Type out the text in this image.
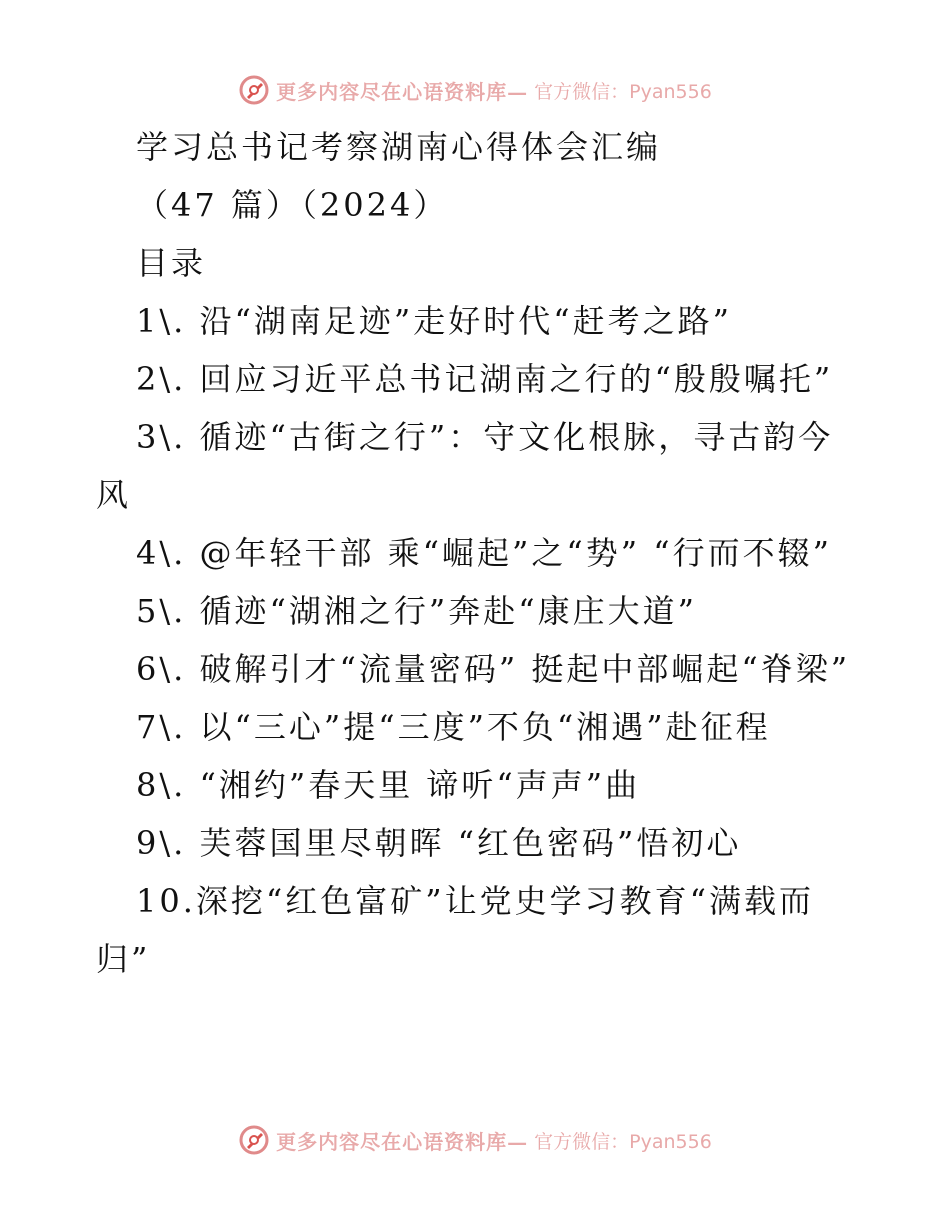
更多内容尽在心语资料库— 官方微信：Pyan556
学习总书记考察湖南心得体会汇编
（47 篇）（2024）
目录
1\. 沿“湖南足迹”走好时代“赶考之路”
2\. 回应习近平总书记湖南之行的“殷殷嘱托”
3\. 循迹“古街之行”：守文化根脉，寻古韵今风
4\. @年轻干部 乘“崛起”之“势” “行而不辍”
5\. 循迹“湖湘之行”奔赴“康庄大道”
6\. 破解引才“流量密码” 挺起中部崛起“脊梁”
7\. 以“三心”提“三度”不负“湘遇”赴征程
8\. “湘约”春天里 谛听“声声”曲
9\. 芙蓉国里尽朝晖 “红色密码”悟初心
10.深挖“红色富矿”让党史学习教育“满载而归”
更多内容尽在心语资料库— 官方微信：Pyan556
